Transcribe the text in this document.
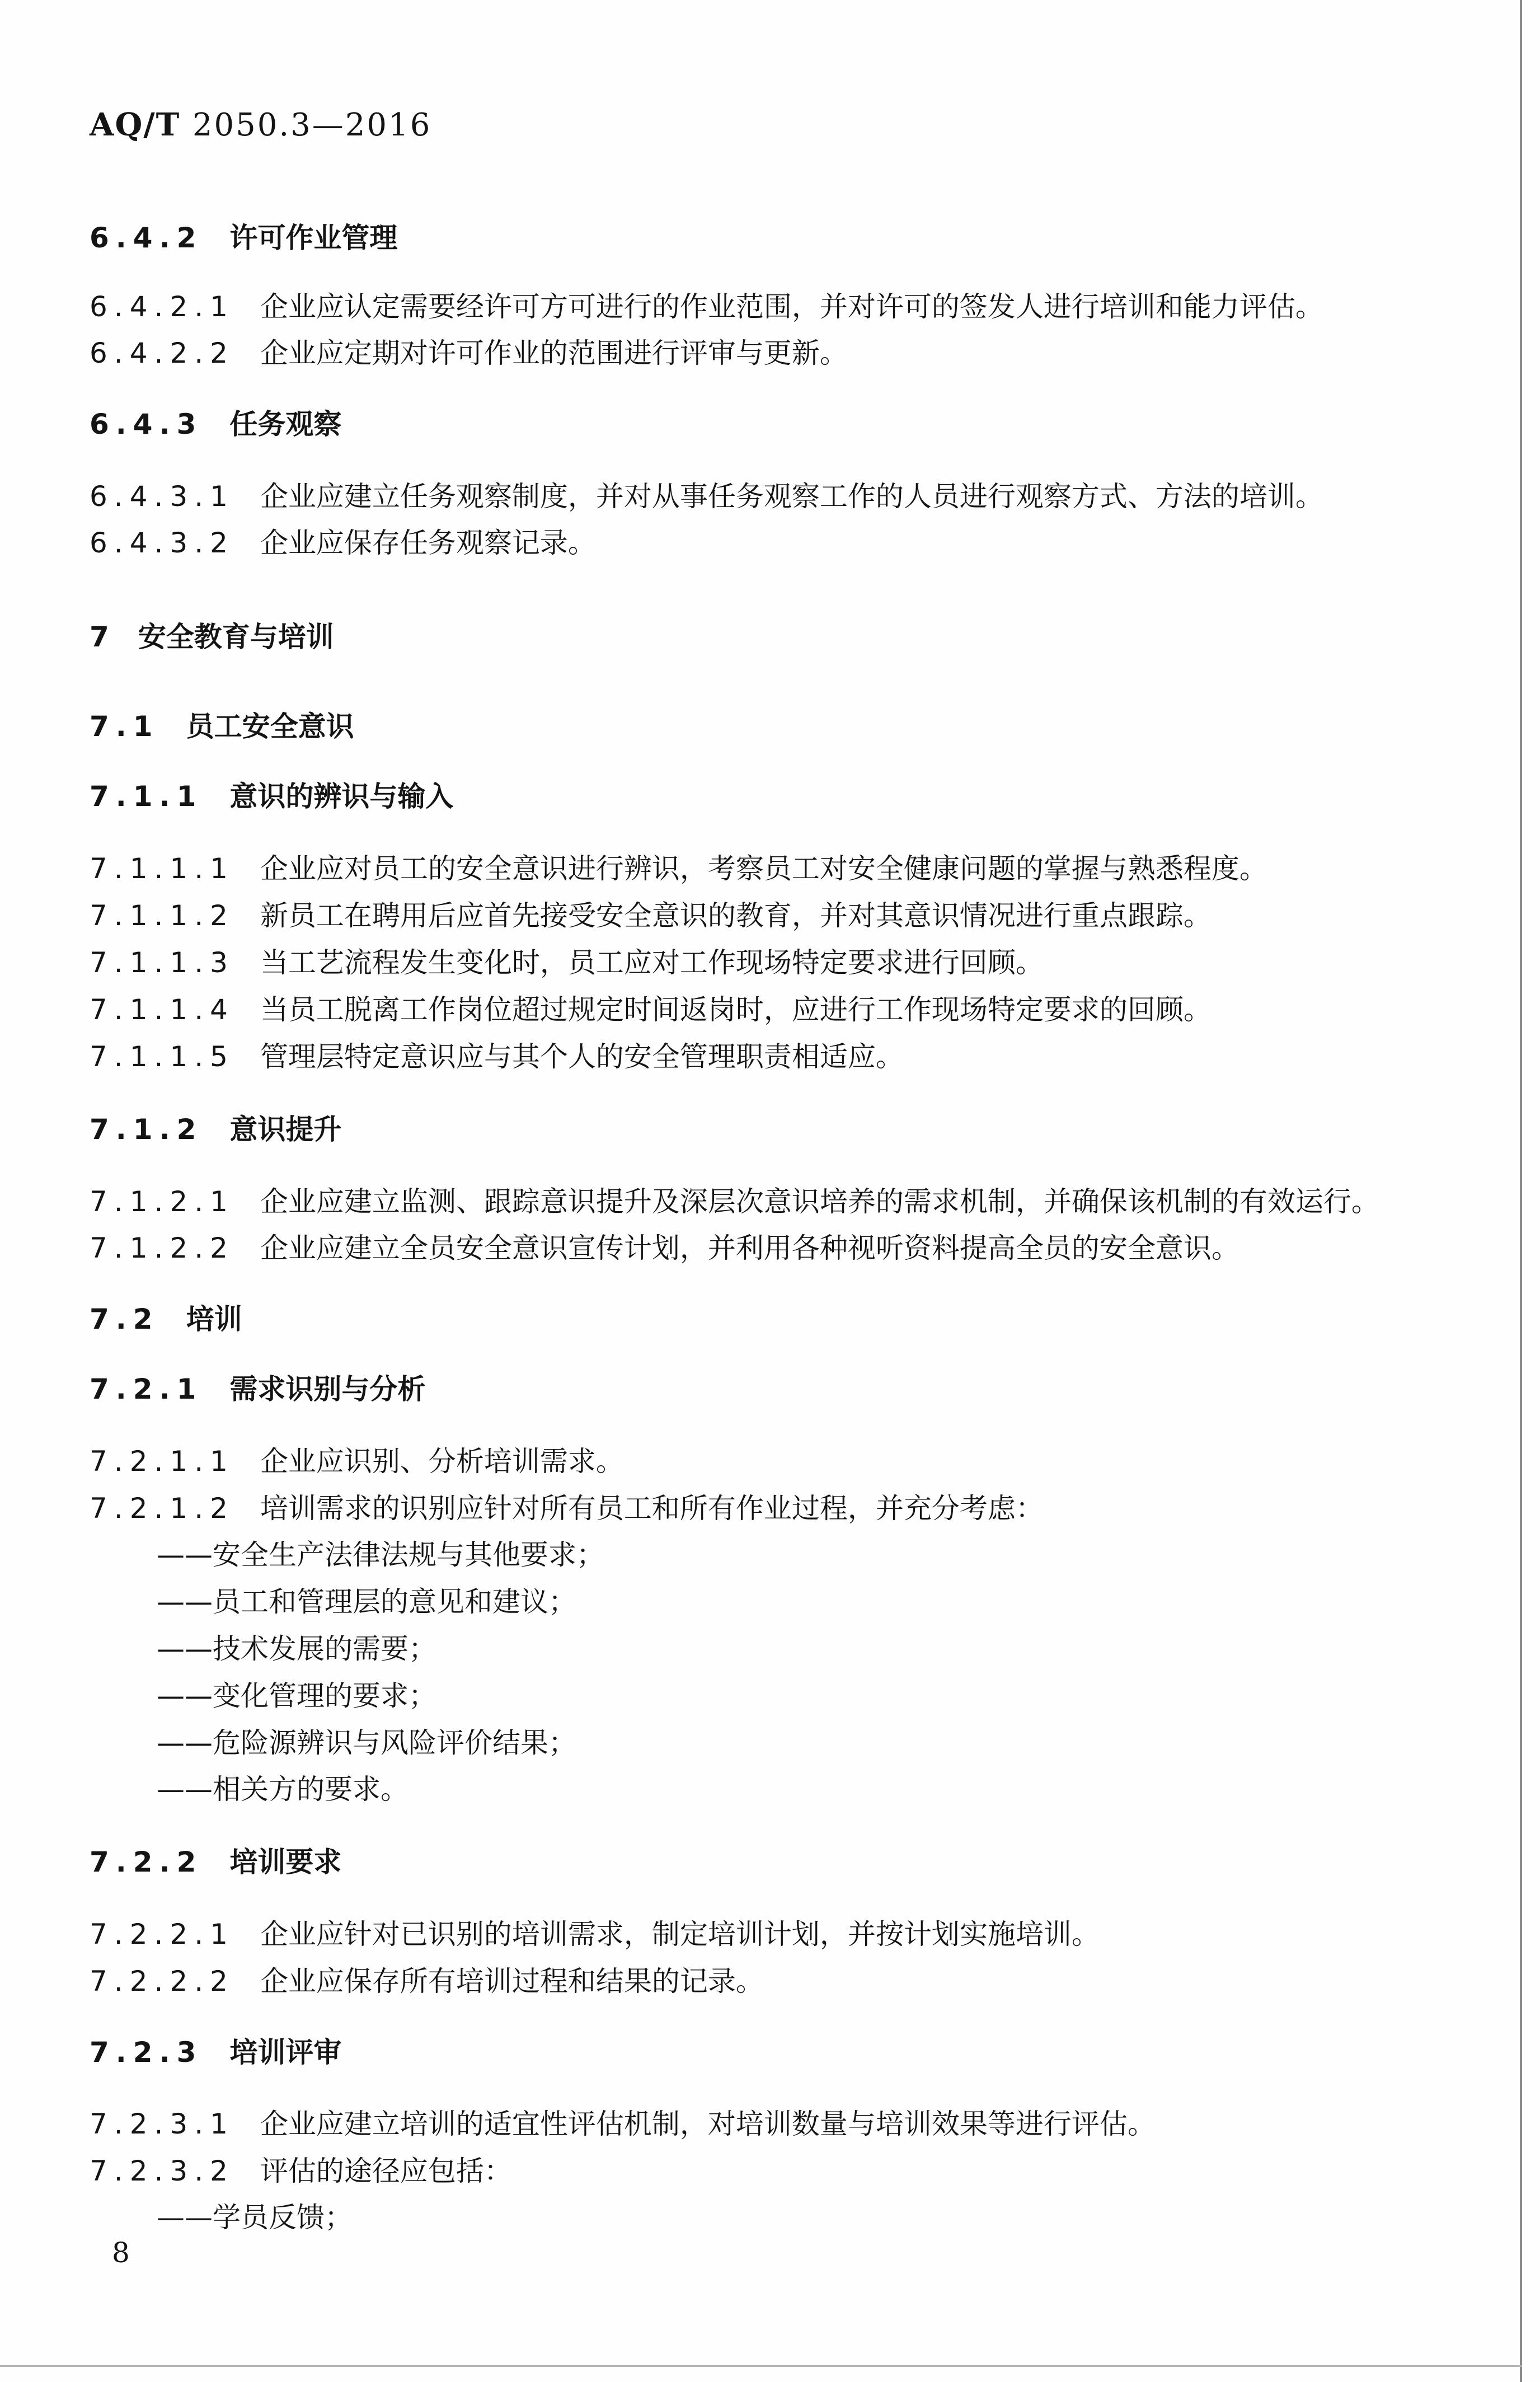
AQ/T 2050.3—2016
6.4.2 许可作业管理
6.4.2.1 企业应认定需要经许可方可进行的作业范围，并对许可的签发人进行培训和能力评估。
6.4.2.2 企业应定期对许可作业的范围进行评审与更新。
6.4.3 任务观察
6.4.3.1 企业应建立任务观察制度，并对从事任务观察工作的人员进行观察方式、方法的培训。
6.4.3.2 企业应保存任务观察记录。
7 安全教育与培训
7.1 员工安全意识
7.1.1 意识的辨识与输入
7.1.1.1 企业应对员工的安全意识进行辨识，考察员工对安全健康问题的掌握与熟悉程度。
7.1.1.2 新员工在聘用后应首先接受安全意识的教育，并对其意识情况进行重点跟踪。
7.1.1.3 当工艺流程发生变化时，员工应对工作现场特定要求进行回顾。
7.1.1.4 当员工脱离工作岗位超过规定时间返岗时，应进行工作现场特定要求的回顾。
7.1.1.5 管理层特定意识应与其个人的安全管理职责相适应。
7.1.2 意识提升
7.1.2.1 企业应建立监测、跟踪意识提升及深层次意识培养的需求机制，并确保该机制的有效运行。
7.1.2.2 企业应建立全员安全意识宣传计划，并利用各种视听资料提高全员的安全意识。
7.2 培训
7.2.1 需求识别与分析
7.2.1.1 企业应识别、分析培训需求。
7.2.1.2 培训需求的识别应针对所有员工和所有作业过程，并充分考虑：
——安全生产法律法规与其他要求；
——员工和管理层的意见和建议；
——技术发展的需要；
——变化管理的要求；
——危险源辨识与风险评价结果；
——相关方的要求。
7.2.2 培训要求
7.2.2.1 企业应针对已识别的培训需求，制定培训计划，并按计划实施培训。
7.2.2.2 企业应保存所有培训过程和结果的记录。
7.2.3 培训评审
7.2.3.1 企业应建立培训的适宜性评估机制，对培训数量与培训效果等进行评估。
7.2.3.2 评估的途径应包括：
——学员反馈；
8
